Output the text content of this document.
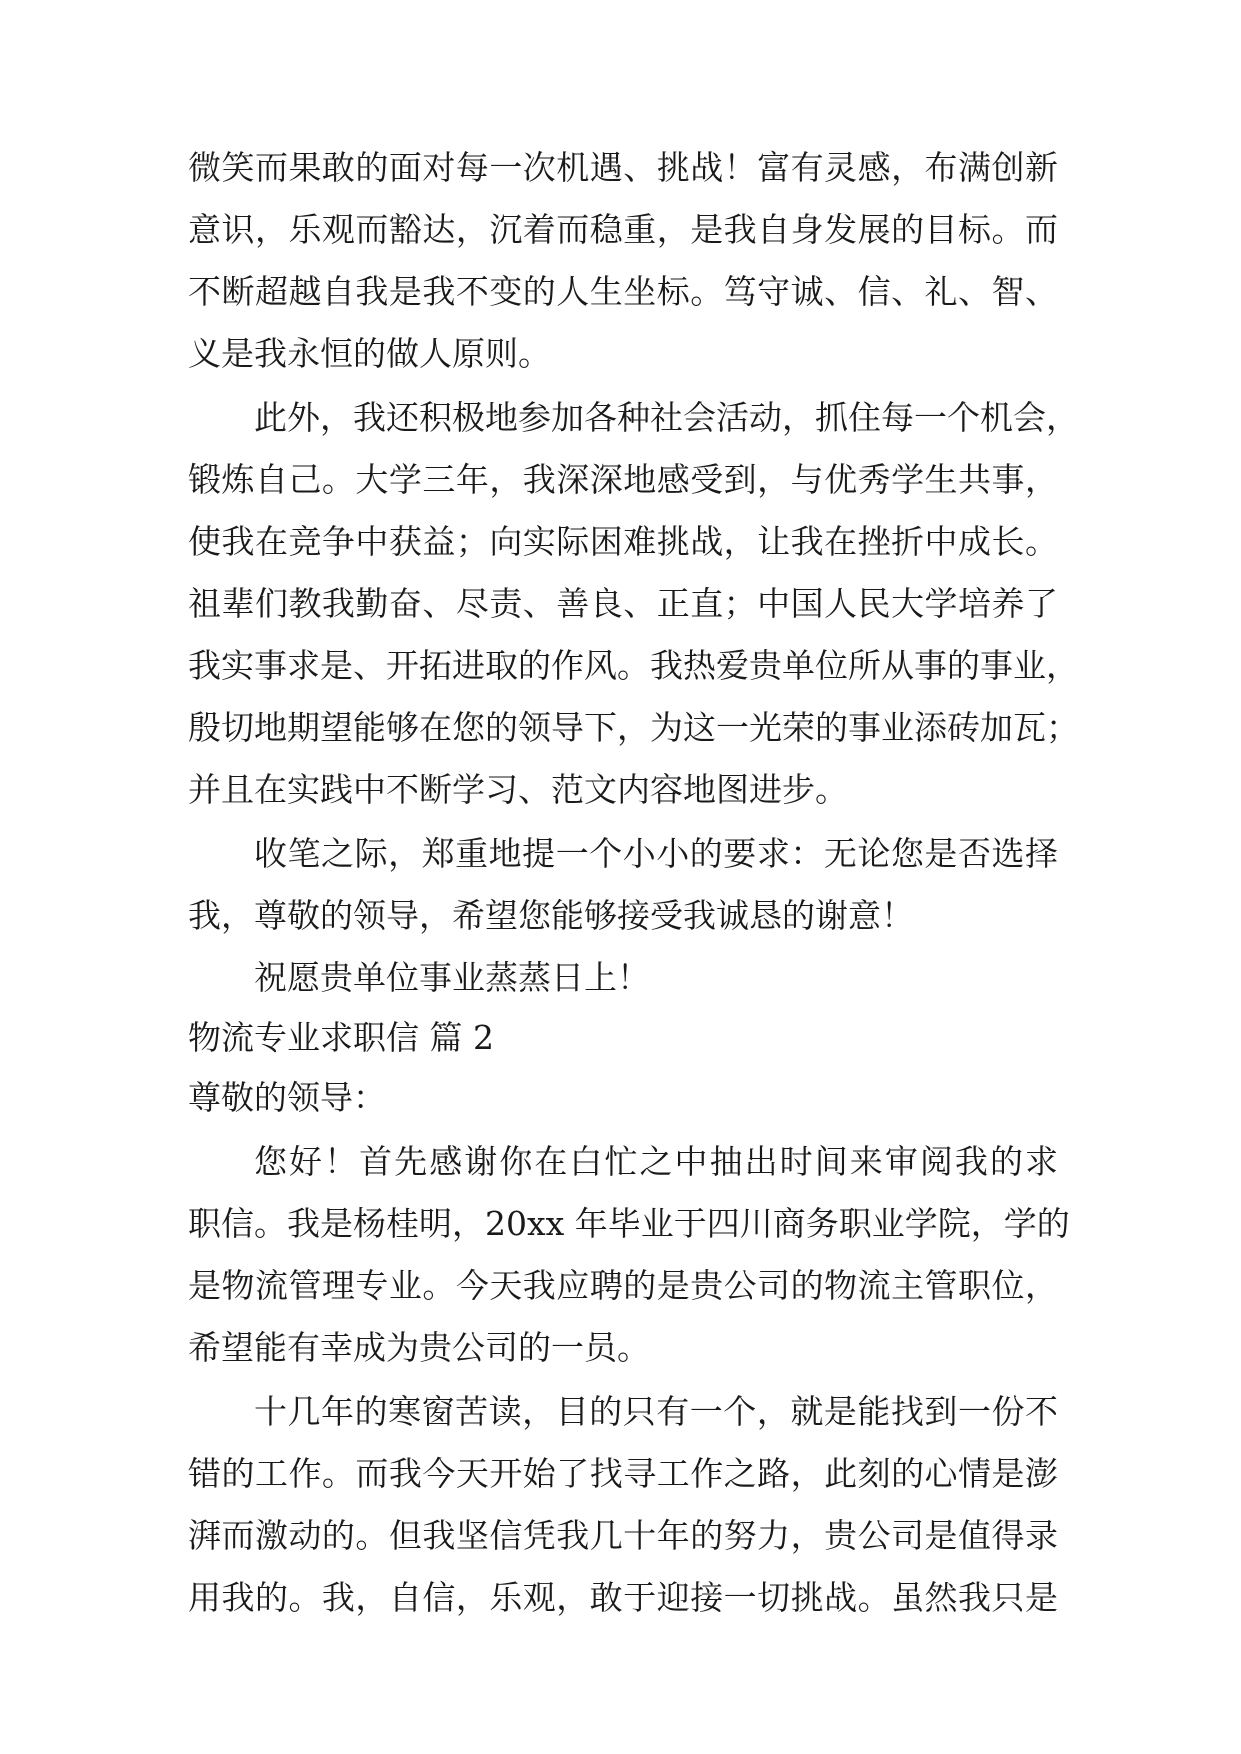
微笑而果敢的面对每一次机遇、挑战！富有灵感，布满创新
意识，乐观而豁达，沉着而稳重，是我自身发展的目标。而
不断超越自我是我不变的人生坐标。笃守诚、信、礼、智、
义是我永恒的做人原则。
此外，我还积极地参加各种社会活动，抓住每一个机会，
锻炼自己。大学三年，我深深地感受到，与优秀学生共事，
使我在竞争中获益；向实际困难挑战，让我在挫折中成长。
祖辈们教我勤奋、尽责、善良、正直；中国人民大学培养了
我实事求是、开拓进取的作风。我热爱贵单位所从事的事业，
殷切地期望能够在您的领导下，为这一光荣的事业添砖加瓦；
并且在实践中不断学习、范文内容地图进步。
收笔之际，郑重地提一个小小的要求：无论您是否选择
我，尊敬的领导，希望您能够接受我诚恳的谢意！
祝愿贵单位事业蒸蒸日上！
物流专业求职信 篇 2
尊敬的领导：
您好！首先感谢你在白忙之中抽出时间来审阅我的求
职信。我是杨桂明，20xx 年毕业于四川商务职业学院，学的
是物流管理专业。今天我应聘的是贵公司的物流主管职位，
希望能有幸成为贵公司的一员。
十几年的寒窗苦读，目的只有一个，就是能找到一份不
错的工作。而我今天开始了找寻工作之路，此刻的心情是澎
湃而激动的。但我坚信凭我几十年的努力，贵公司是值得录
用我的。我，自信，乐观，敢于迎接一切挑战。虽然我只是
